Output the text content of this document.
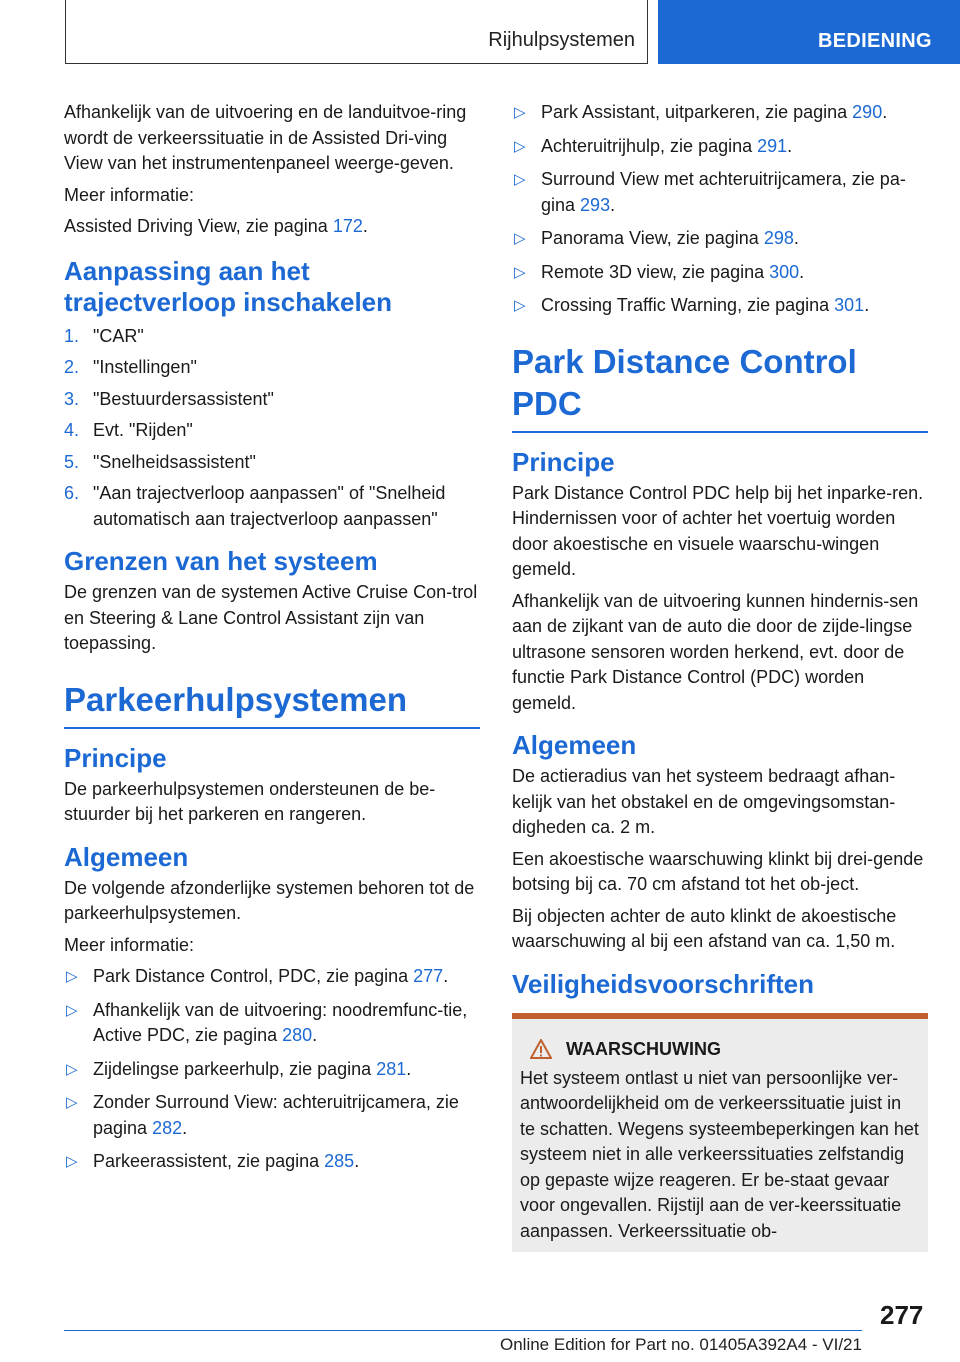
Rijhulpsystemen	BEDIENING

Afhankelijk van de uitvoering en de landuitvoe-ring wordt de verkeerssituatie in de Assisted Dri-ving View van het instrumentenpaneel weerge-geven.

Meer informatie:

Assisted Driving View, zie pagina 172.

Aanpassing aan het trajectverloop inschakelen
1. "CAR"
2. "Instellingen"
3. "Bestuurdersassistent"
4. Evt. "Rijden"
5. "Snelheidsassistent"
6. "Aan trajectverloop aanpassen" of "Snelheid automatisch aan trajectverloop aanpassen"
Grenzen van het systeem

De grenzen van de systemen Active Cruise Con-trol en Steering & Lane Control Assistant zijn van toepassing.

Parkeerhulpsystemen
Principe

De parkeerhulpsystemen ondersteunen de be-stuurder bij het parkeren en rangeren.

Algemeen

De volgende afzonderlijke systemen behoren tot de parkeerhulpsystemen.

Meer informatie:

▷ Park Distance Control, PDC, zie pagina 277.
▷ Afhankelijk van de uitvoering: noodremfunc-tie, Active PDC, zie pagina 280.
▷ Zijdelingse parkeerhulp, zie pagina 281.
▷ Zonder Surround View: achteruitrijcamera, zie pagina 282.
▷ Parkeerassistent, zie pagina 285.
▷ Park Assistant, uitparkeren, zie pagina 290.
▷ Achteruitrijhulp, zie pagina 291.
▷ Surround View met achteruitrijcamera, zie pa-gina 293.
▷ Panorama View, zie pagina 298.
▷ Remote 3D view, zie pagina 300.
▷ Crossing Traffic Warning, zie pagina 301.
Park Distance Control PDC
Principe

Park Distance Control PDC help bij het inparke-ren. Hindernissen voor of achter het voertuig worden door akoestische en visuele waarschu-wingen gemeld.

Afhankelijk van de uitvoering kunnen hindernis-sen aan de zijkant van de auto die door de zijde-lingse ultrasone sensoren worden herkend, evt. door de functie Park Distance Control (PDC) worden gemeld.

Algemeen

De actieradius van het systeem bedraagt afhan-kelijk van het obstakel en de omgevingsomstan-digheden ca. 2 m.

Een akoestische waarschuwing klinkt bij drei-gende botsing bij ca. 70 cm afstand tot het ob-ject.

Bij objecten achter de auto klinkt de akoestische waarschuwing al bij een afstand van ca. 1,50 m.

Veiligheidsvoorschriften
WAARSCHUWING

Het systeem ontlast u niet van persoonlijke ver-antwoordelijkheid om de verkeerssituatie juist in te schatten. Wegens systeembeperkingen kan het systeem niet in alle verkeerssituaties zelfstandig op gepaste wijze reageren. Er be-staat gevaar voor ongevallen. Rijstijl aan de ver-keerssituatie aanpassen. Verkeerssituatie ob-

277
Online Edition for Part no. 01405A392A4 - VI/21
